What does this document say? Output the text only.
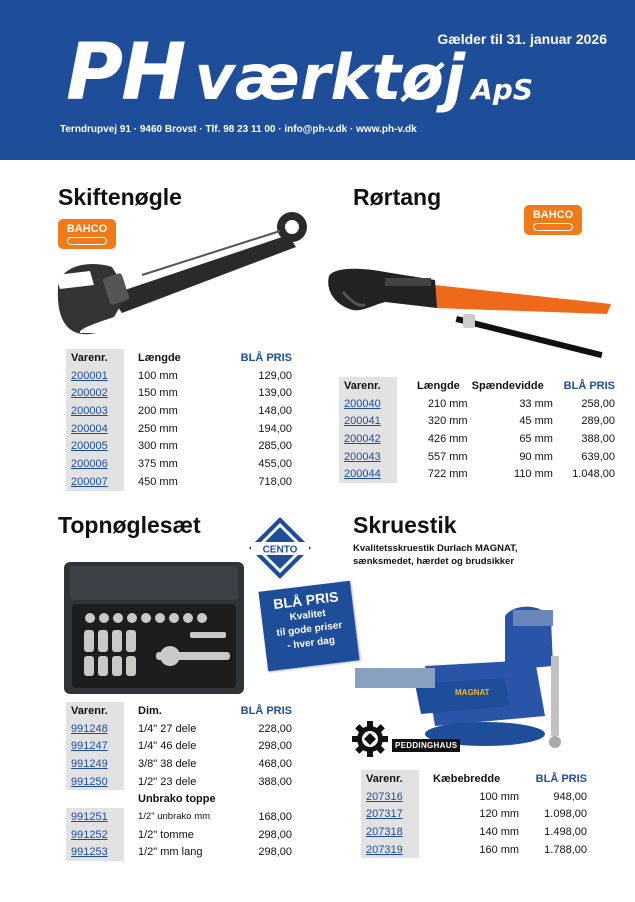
Gælder til 31. januar 2026
PH værktøj ApS
Terndrupvej 91 · 9460 Brovst · Tlf. 98 23 11 00 · info@ph-v.dk · www.ph-v.dk
Skiftenøgle
BAHCO
Varenr.	Længde	BLÅ PRIS
200001	100 mm	129,00
200002	150 mm	139,00
200003	200 mm	148,00
200004	250 mm	194,00
200005	300 mm	285,00
200006	375 mm	455,00
200007	450 mm	718,00
Rørtang
BAHCO
Varenr.	Længde	Spændevidde	BLÅ PRIS
200040	210 mm	33 mm	258,00
200041	320 mm	45 mm	289,00
200042	426 mm	65 mm	388,00
200043	557 mm	90 mm	639,00
200044	722 mm	110 mm	1.048,00
Topnøglesæt
CENTO
BLÅ PRIS
Kvalitet
til gode priser
- hver dag
Varenr.	Dim.	BLÅ PRIS
991248	1/4" 27 dele	228,00
991247	1/4" 46 dele	298,00
991249	3/8" 38 dele	468,00
991250	1/2" 23 dele	388,00
	Unbrako toppe	
991251	1/2" unbrako mm	168,00
991252	1/2" tomme	298,00
991253	1/2" mm lang	298,00
Skruestik
Kvalitetsskruestik Durlach MAGNAT,
sænksmedet, hærdet og brudsikker
MAGNAT
PEDDINGHAUS
Varenr.	Kæbebredde	BLÅ PRIS
207316	100 mm	948,00
207317	120 mm	1.098,00
207318	140 mm	1.498,00
207319	160 mm	1.788,00
